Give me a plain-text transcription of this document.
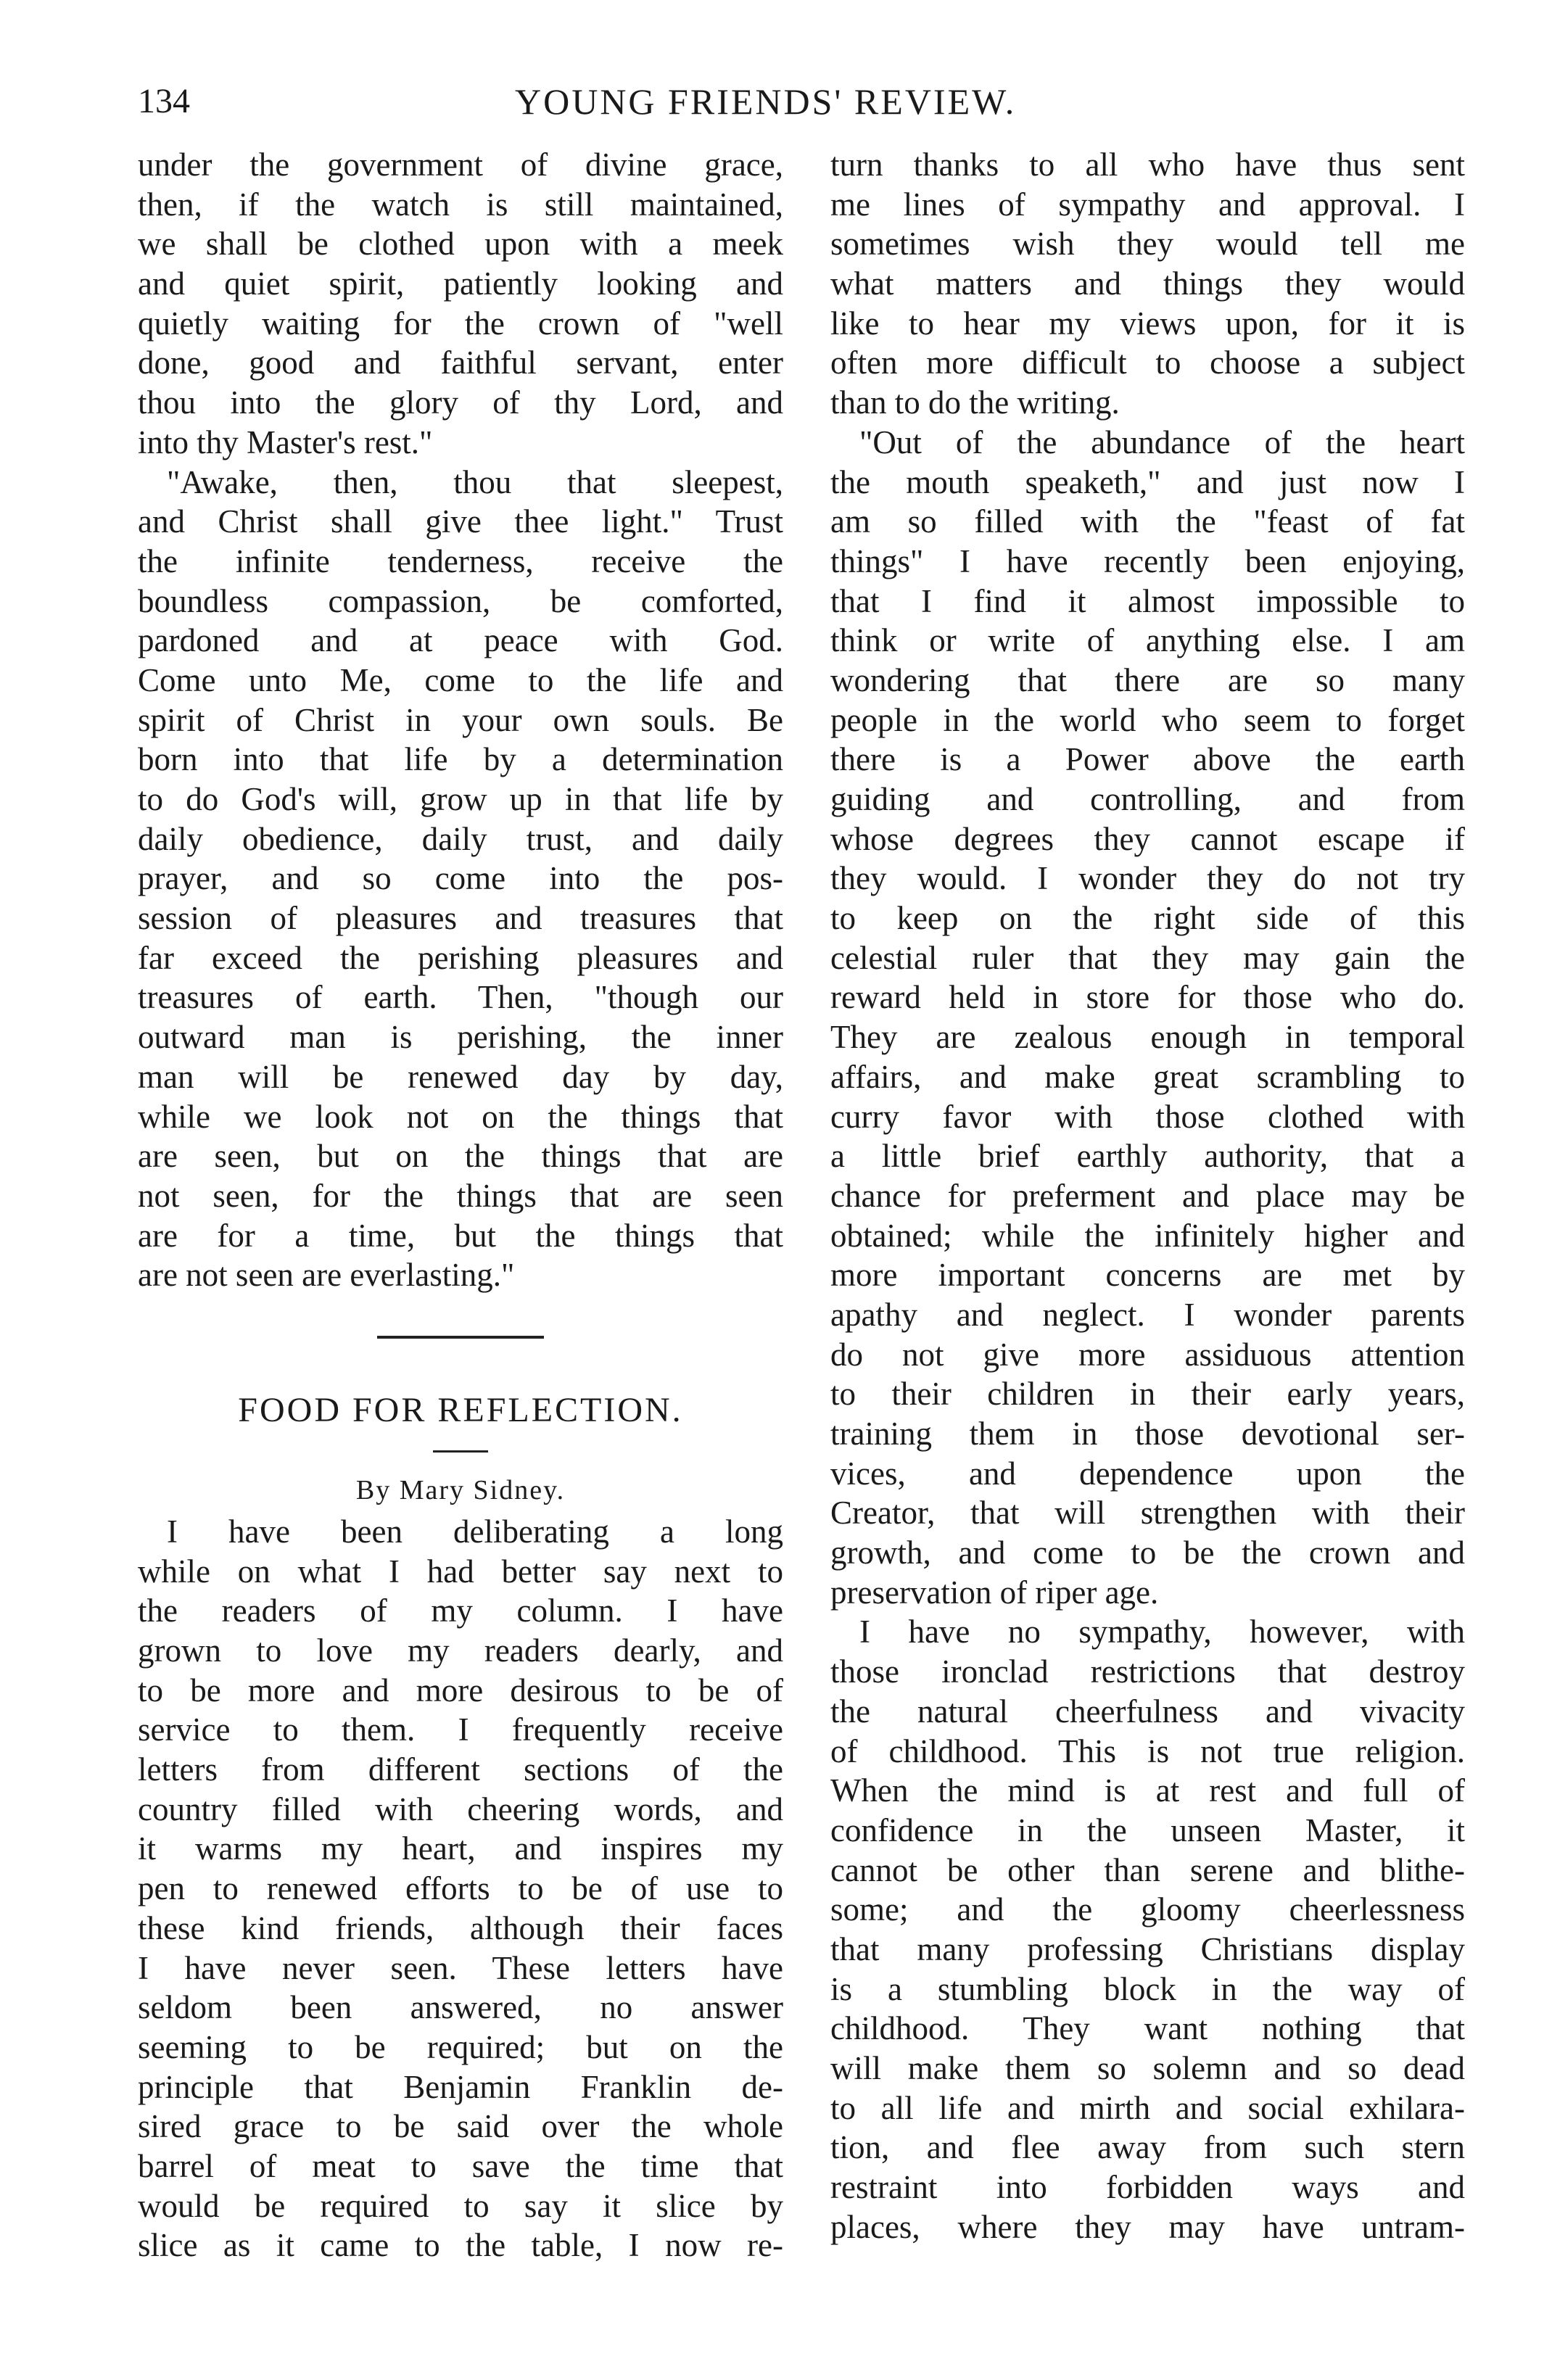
134	YOUNG FRIENDS' REVIEW.
under the government of divine grace,
then, if the watch is still maintained,
we shall be clothed upon with a meek
and quiet spirit, patiently looking and
quietly waiting for the crown of "well
done, good and faithful servant, enter
thou into the glory of thy Lord, and
into thy Master's rest."
"Awake, then, thou that sleepest,
and Christ shall give thee light." Trust
the infinite tenderness, receive the
boundless compassion, be comforted,
pardoned and at peace with God.
Come unto Me, come to the life and
spirit of Christ in your own souls. Be
born into that life by a determination
to do God's will, grow up in that life by
daily obedience, daily trust, and daily
prayer, and so come into the pos-
session of pleasures and treasures that
far exceed the perishing pleasures and
treasures of earth. Then, "though our
outward man is perishing, the inner
man will be renewed day by day,
while we look not on the things that
are seen, but on the things that are
not seen, for the things that are seen
are for a time, but the things that
are not seen are everlasting."
FOOD FOR REFLECTION.
By Mary Sidney.
I have been deliberating a long
while on what I had better say next to
the readers of my column. I have
grown to love my readers dearly, and
to be more and more desirous to be of
service to them. I frequently receive
letters from different sections of the
country filled with cheering words, and
it warms my heart, and inspires my
pen to renewed efforts to be of use to
these kind friends, although their faces
I have never seen. These letters have
seldom been answered, no answer
seeming to be required; but on the
principle that Benjamin Franklin de-
sired grace to be said over the whole
barrel of meat to save the time that
would be required to say it slice by
slice as it came to the table, I now re-
turn thanks to all who have thus sent
me lines of sympathy and approval. I
sometimes wish they would tell me
what matters and things they would
like to hear my views upon, for it is
often more difficult to choose a subject
than to do the writing.
"Out of the abundance of the heart
the mouth speaketh," and just now I
am so filled with the "feast of fat
things" I have recently been enjoying,
that I find it almost impossible to
think or write of anything else. I am
wondering that there are so many
people in the world who seem to forget
there is a Power above the earth
guiding and controlling, and from
whose degrees they cannot escape if
they would. I wonder they do not try
to keep on the right side of this
celestial ruler that they may gain the
reward held in store for those who do.
They are zealous enough in temporal
affairs, and make great scrambling to
curry favor with those clothed with
a little brief earthly authority, that a
chance for preferment and place may be
obtained; while the infinitely higher and
more important concerns are met by
apathy and neglect. I wonder parents
do not give more assiduous attention
to their children in their early years,
training them in those devotional ser-
vices, and dependence upon the
Creator, that will strengthen with their
growth, and come to be the crown and
preservation of riper age.
I have no sympathy, however, with
those ironclad restrictions that destroy
the natural cheerfulness and vivacity
of childhood. This is not true religion.
When the mind is at rest and full of
confidence in the unseen Master, it
cannot be other than serene and blithe-
some; and the gloomy cheerlessness
that many professing Christians display
is a stumbling block in the way of
childhood. They want nothing that
will make them so solemn and so dead
to all life and mirth and social exhilara-
tion, and flee away from such stern
restraint into forbidden ways and
places, where they may have untram-
